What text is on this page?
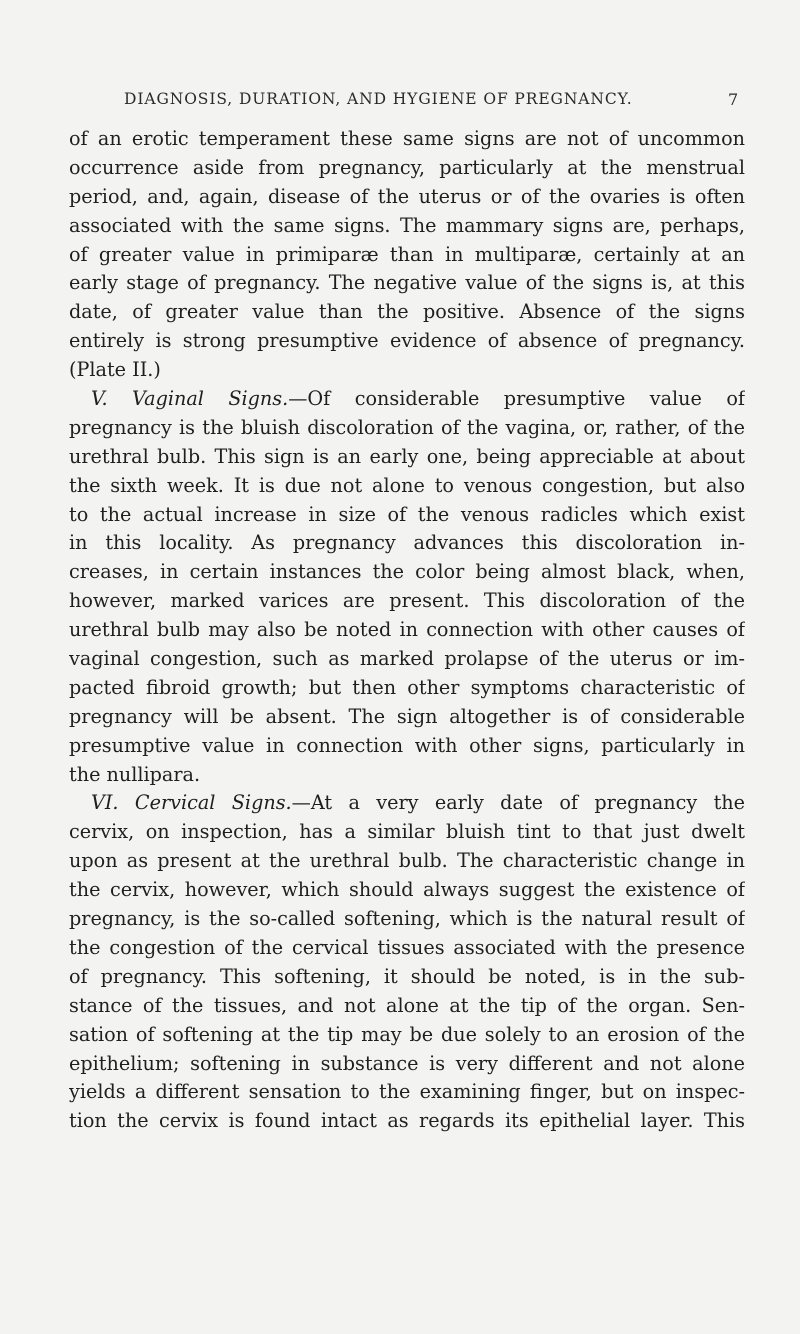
DIAGNOSIS, DURATION, AND HYGIENE OF PREGNANCY.	7
of an erotic temperament these same signs are not of uncommon
occurrence aside from pregnancy, particularly at the menstrual
period, and, again, disease of the uterus or of the ovaries is often
associated with the same signs. The mammary signs are, perhaps,
of greater value in primiparæ than in multiparæ, certainly at an
early stage of pregnancy. The negative value of the signs is, at this
date, of greater value than the positive. Absence of the signs
entirely is strong presumptive evidence of absence of pregnancy.
(Plate II.)
V. Vaginal Signs.—Of considerable presumptive value of
pregnancy is the bluish discoloration of the vagina, or, rather, of the
urethral bulb. This sign is an early one, being appreciable at about
the sixth week. It is due not alone to venous congestion, but also
to the actual increase in size of the venous radicles which exist
in this locality. As pregnancy advances this discoloration in-
creases, in certain instances the color being almost black, when,
however, marked varices are present. This discoloration of the
urethral bulb may also be noted in connection with other causes of
vaginal congestion, such as marked prolapse of the uterus or im-
pacted fibroid growth; but then other symptoms characteristic of
pregnancy will be absent. The sign altogether is of considerable
presumptive value in connection with other signs, particularly in
the nullipara.
VI. Cervical Signs.—At a very early date of pregnancy the
cervix, on inspection, has a similar bluish tint to that just dwelt
upon as present at the urethral bulb. The characteristic change in
the cervix, however, which should always suggest the existence of
pregnancy, is the so-called softening, which is the natural result of
the congestion of the cervical tissues associated with the presence
of pregnancy. This softening, it should be noted, is in the sub-
stance of the tissues, and not alone at the tip of the organ. Sen-
sation of softening at the tip may be due solely to an erosion of the
epithelium; softening in substance is very different and not alone
yields a different sensation to the examining finger, but on inspec-
tion the cervix is found intact as regards its epithelial layer. This
